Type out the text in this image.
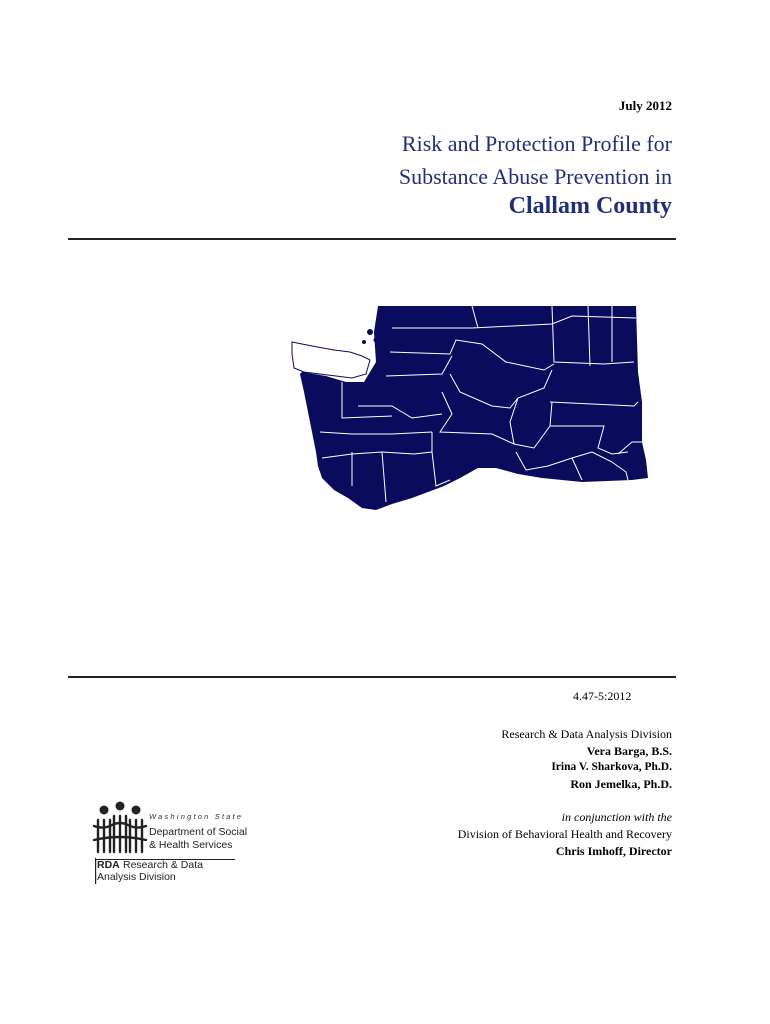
July 2012
Risk and Protection Profile for
Substance Abuse Prevention in
Clallam County
4.47-5:2012
Research & Data Analysis Division
Vera Barga, B.S.
Irina V. Sharkova, Ph.D.
Ron Jemelka, Ph.D.
in conjunction with the
Division of Behavioral Health and Recovery
Chris Imhoff, Director
Washington State
Department of Social
& Health Services
RDA Research & Data
Analysis Division
